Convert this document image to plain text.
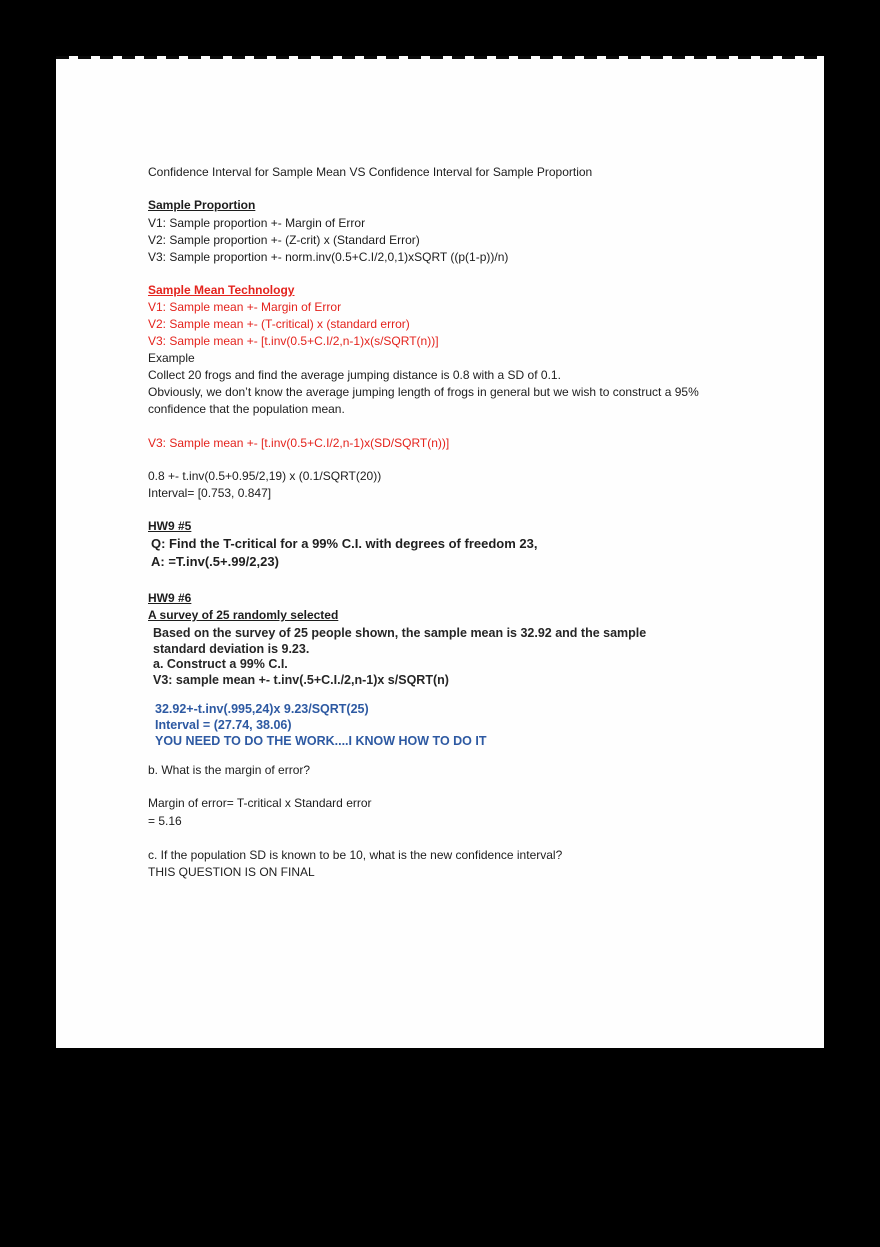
Confidence Interval for Sample Mean VS Confidence Interval for Sample Proportion
Sample Proportion
V1: Sample proportion +- Margin of Error
V2: Sample proportion +- (Z-crit) x (Standard Error)
V3: Sample proportion +- norm.inv(0.5+C.I/2,0,1)xSQRT ((p(1-p))/n)
Sample Mean Technology
V1: Sample mean +- Margin of Error
V2: Sample mean +- (T-critical) x (standard error)
V3: Sample mean +- [t.inv(0.5+C.I/2,n-1)x(s/SQRT(n))]
Example
Collect 20 frogs and find the average jumping distance is 0.8 with a SD of 0.1.
Obviously, we don’t know the average jumping length of frogs in general but we wish to construct a 95%
confidence that the population mean.
V3: Sample mean +- [t.inv(0.5+C.I/2,n-1)x(SD/SQRT(n))]
0.8 +- t.inv(0.5+0.95/2,19) x (0.1/SQRT(20))
Interval= [0.753, 0.847]
HW9 #5
Q: Find the T-critical for a 99% C.I. with degrees of freedom 23,
A: =T.inv(.5+.99/2,23)
HW9 #6
A survey of 25 randomly selected
Based on the survey of 25 people shown, the sample mean is 32.92 and the sample
standard deviation is 9.23.
a. Construct a 99% C.I.
V3: sample mean +- t.inv(.5+C.I./2,n-1)x s/SQRT(n)
32.92+-t.inv(.995,24)x 9.23/SQRT(25)
Interval = (27.74, 38.06)
YOU NEED TO DO THE WORK....I KNOW HOW TO DO IT
b. What is the margin of error?
Margin of error= T-critical x Standard error
= 5.16
c. If the population SD is known to be 10, what is the new confidence interval?
THIS QUESTION IS ON FINAL
